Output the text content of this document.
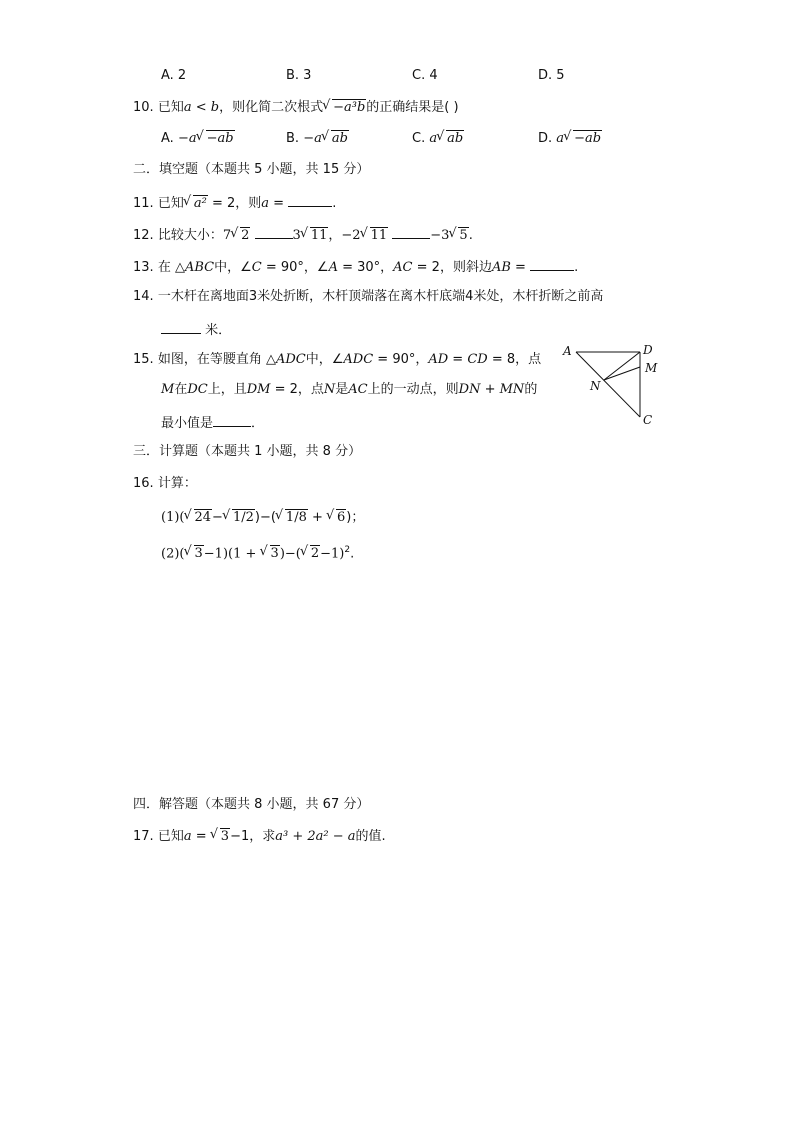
A. 2	B. 3	C. 4	D. 5
10. 已知a < b，则化简二次根式 √ −a³b的正确结果是( )
A. −a √ −ab	B. −a √ ab	C. a √ ab	D. a √ −ab
二．填空题（本题共 5 小题，共 15 分）
11. 已知 √ a² = 2，则a =	.
12. 比较大小：7 √ 2	3 √ 11，−2 √ 11	−3 √ 5.
13. 在 △ABC中，∠C = 90°，∠A = 30°，AC = 2，则斜边AB =	.
14. 一木杆在离地面3米处折断，木杆顶端落在离木杆底端4米处，木杆折断之前高
米．
15. 如图，在等腰直角 △ADC中，∠ADC = 90°，AD = CD = 8，点
M在DC上，且DM = 2，点N是AC上的一动点，则DN + MN的
最小值是	．
A	D
M
N
C
三．计算题（本题共 1 小题，共 8 分）
16. 计算：
(1)( √ 24− √ 1/2)−( √ 1/8 + √ 6)；
(2)( √ 3−1)(1 + √ 3)−( √ 2−1)$^2$.
四．解答题（本题共 8 小题，共 67 分）
17. 已知a = √ 3−1，求a³ + 2a² − a的值.
